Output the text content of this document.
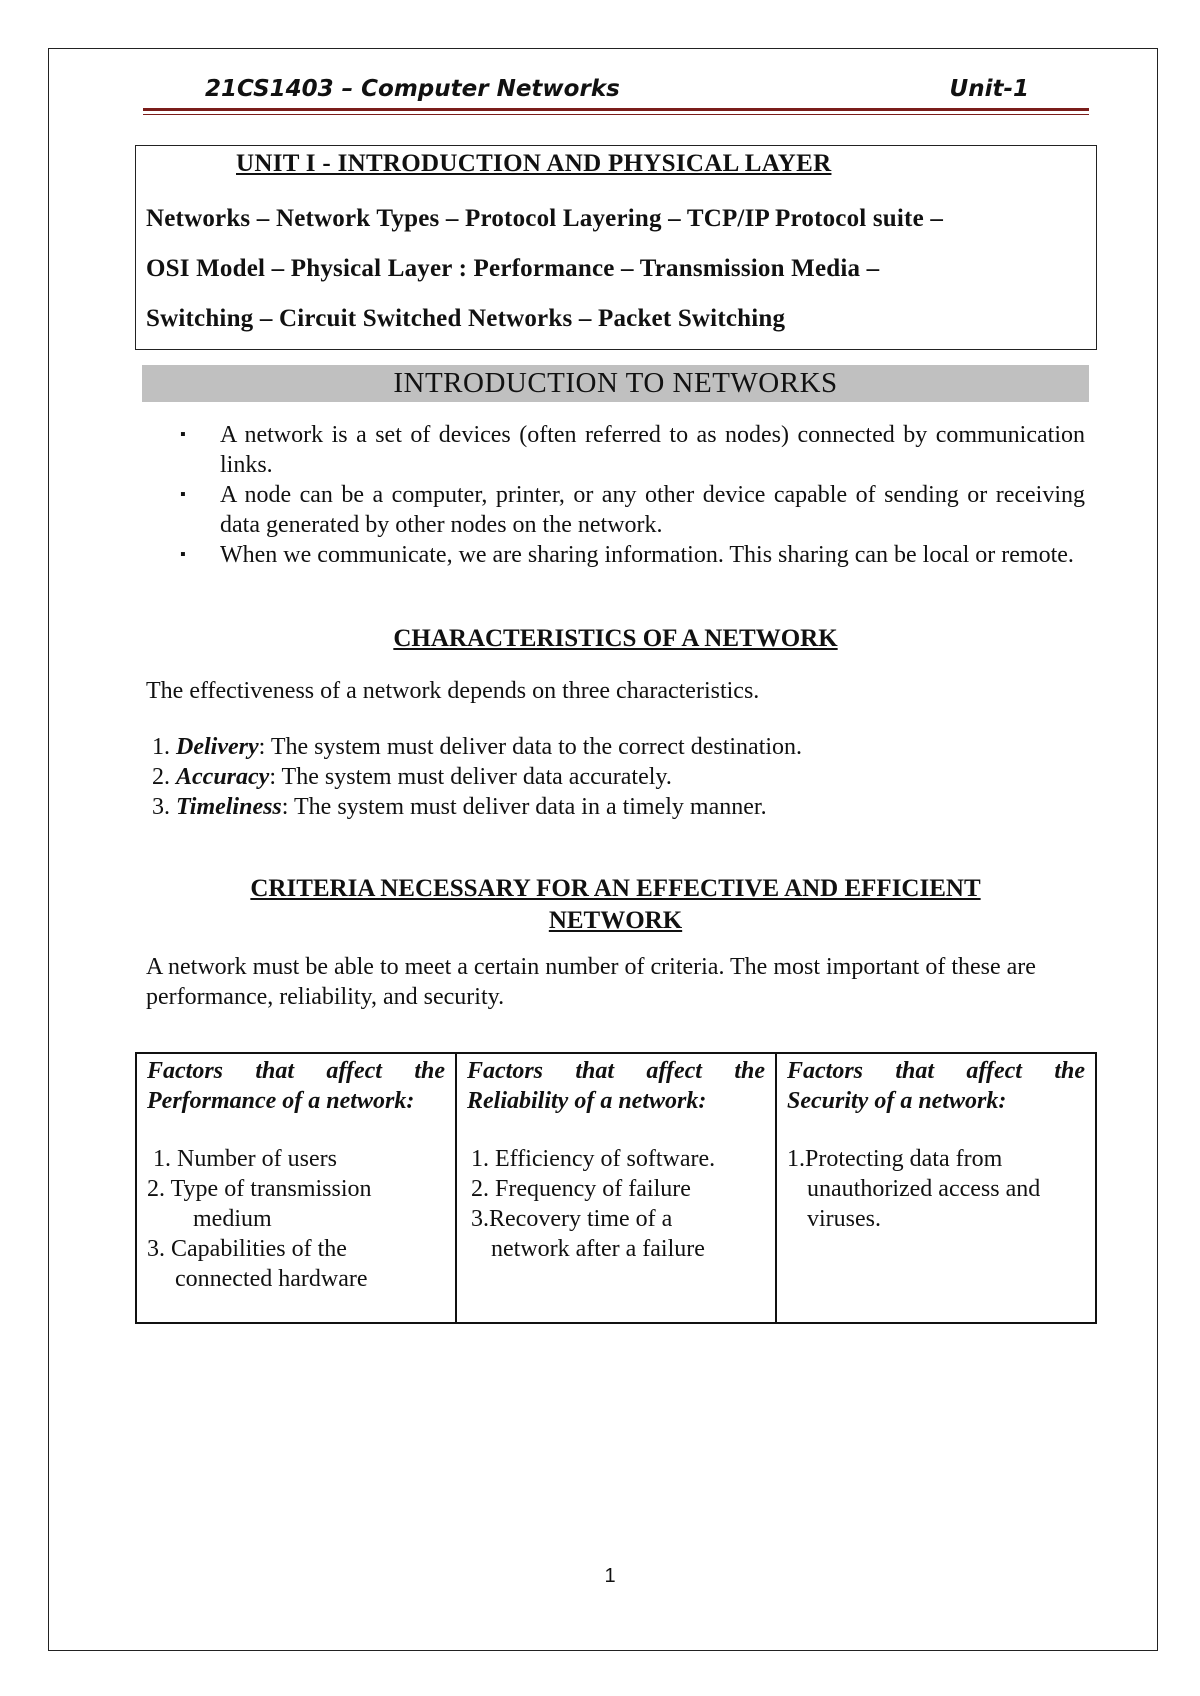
21CS1403 – Computer Networks	Unit-1
UNIT I - INTRODUCTION AND PHYSICAL LAYER
Networks – Network Types – Protocol Layering – TCP/IP Protocol suite –
OSI Model – Physical Layer : Performance – Transmission Media –
Switching – Circuit Switched Networks – Packet Switching
INTRODUCTION TO NETWORKS
▪ A network is a set of devices (often referred to as nodes) connected by communication links.
▪ A node can be a computer, printer, or any other device capable of sending or receiving data generated by other nodes on the network.
▪ When we communicate, we are sharing information. This sharing can be local or remote.
CHARACTERISTICS OF A NETWORK
The effectiveness of a network depends on three characteristics.
1. Delivery: The system must deliver data to the correct destination.
2. Accuracy: The system must deliver data accurately.
3. Timeliness: The system must deliver data in a timely manner.
CRITERIA NECESSARY FOR AN EFFECTIVE AND EFFICIENT
NETWORK
A network must be able to meet a certain number of criteria. The most important of these are performance, reliability, and security.
Factors that affect the
Performance of a network:
1. Number of users
2. Type of transmission
medium
3. Capabilities of the
connected hardware

Factors that affect the
Reliability of a network:
1. Efficiency of software.
2. Frequency of failure
3.Recovery time of a
network after a failure

Factors that affect the
Security of a network:
1.Protecting data from
unauthorized access and
viruses.
1
